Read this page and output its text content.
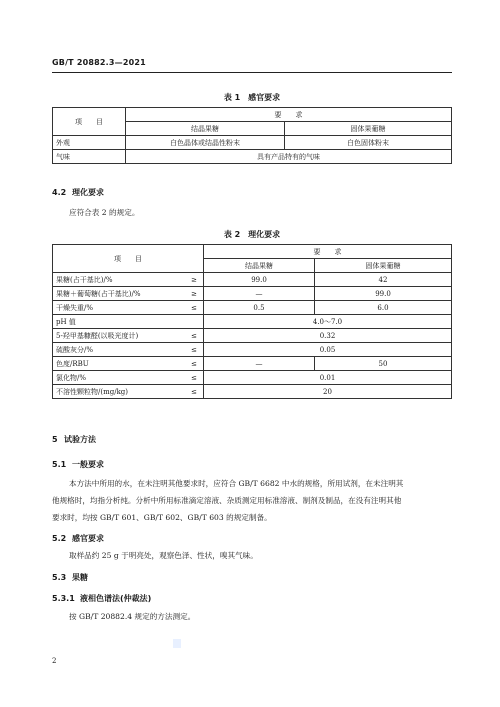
GB/T 20882.3—2021
表 1　感官要求
项　　目	要　　求	
	结晶果糖	固体果葡糖
外观	白色晶体或结晶性粉末	白色固体粉末
气味	具有产品特有的气味	
4.2 理化要求
应符合表 2 的规定。
表 2　理化要求
项　　目		要　　求	
		结晶果糖	固体果葡糖
果糖(占干基比)/%	≥	99.0	42
果糖＋葡萄糖(占干基比)/%	≥	—	99.0
干燥失重/%	≤	0.5	6.0
pH 值		4.0～7.0	
5-羟甲基糠醛(以吸光度计)	≤	0.32	
硫酸灰分/%	≤	0.05	
色度/RBU	≤	—	50
氯化物/%	≤	0.01	
不溶性颗粒物/(mg/kg)	≤	20	
5 试验方法
5.1 一般要求
本方法中所用的水，在未注明其他要求时，应符合 GB/T 6682 中水的规格，所用试剂，在未注明其
他规格时，均指分析纯。分析中所用标准滴定溶液、杂质测定用标准溶液、制剂及制品，在没有注明其他
要求时，均按 GB/T 601、GB/T 602、GB/T 603 的规定制备。
5.2 感官要求
取样品约 25 g 于明亮处，观察色泽、性状，嗅其气味。
5.3 果糖
5.3.1 液相色谱法(仲裁法)
按 GB/T 20882.4 规定的方法测定。
2
